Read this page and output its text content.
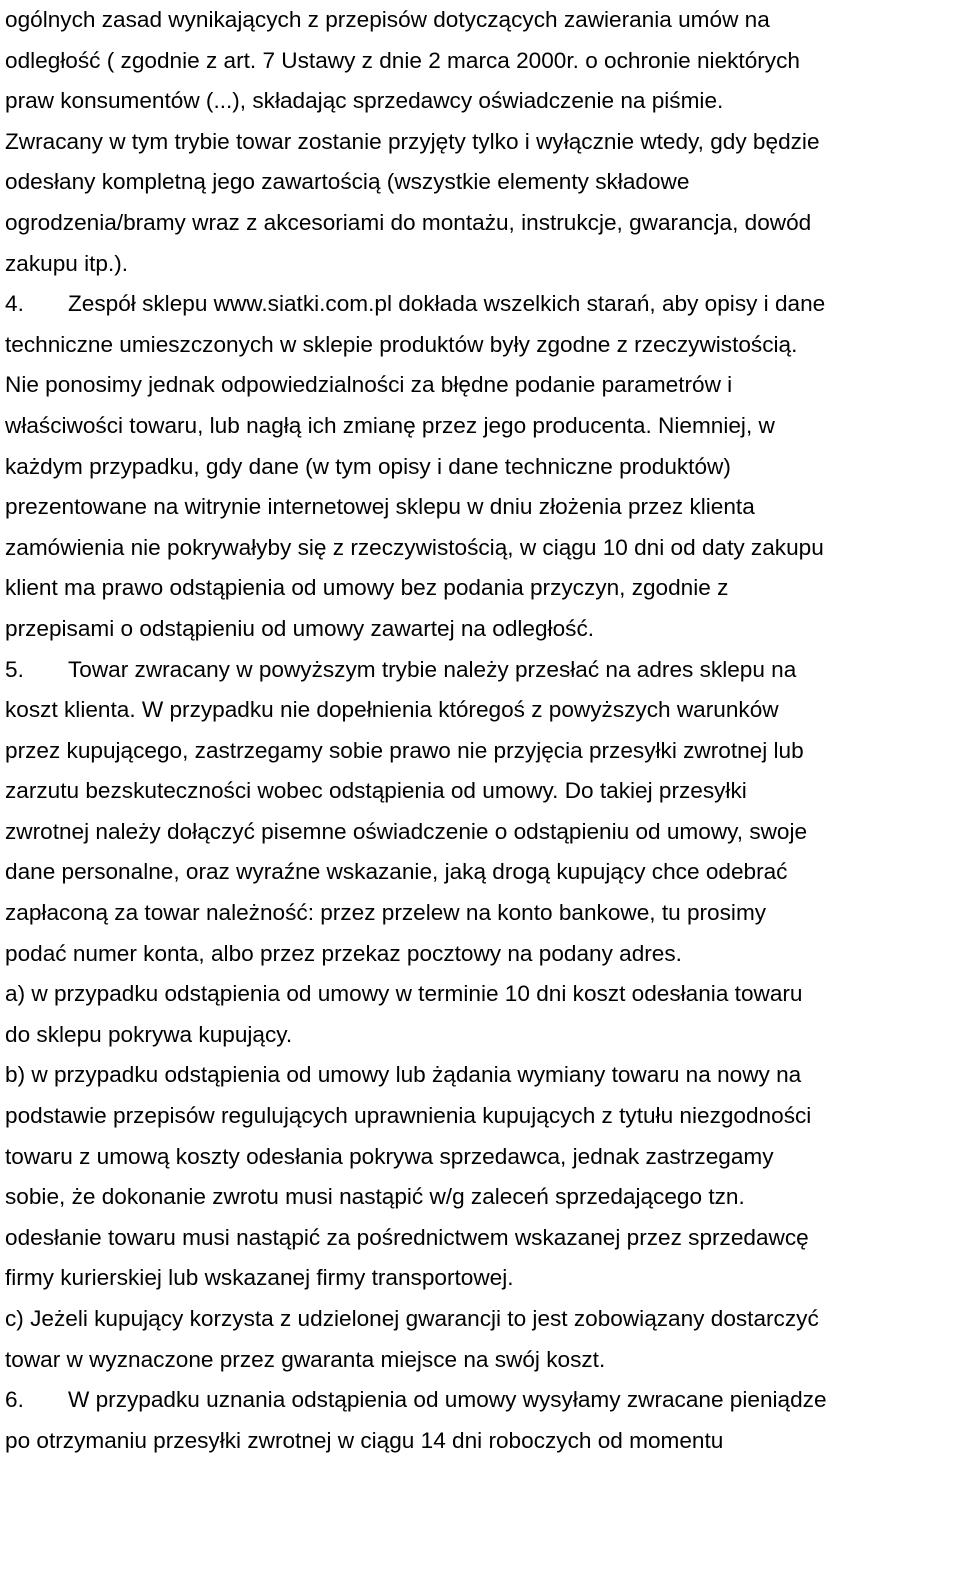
ogólnych zasad wynikających z przepisów dotyczących zawierania umów na
odległość ( zgodnie z art. 7 Ustawy z dnie 2 marca 2000r. o ochronie niektórych
praw konsumentów (...), składając sprzedawcy oświadczenie na piśmie.
Zwracany w tym trybie towar zostanie przyjęty tylko i wyłącznie wtedy, gdy będzie
odesłany kompletną jego zawartością (wszystkie elementy składowe
ogrodzenia/bramy wraz z akcesoriami do montażu, instrukcje, gwarancja, dowód
zakupu itp.).
4. Zespół sklepu www.siatki.com.pl dokłada wszelkich starań, aby opisy i dane
techniczne umieszczonych w sklepie produktów były zgodne z rzeczywistością.
Nie ponosimy jednak odpowiedzialności za błędne podanie parametrów i
właściwości towaru, lub nagłą ich zmianę przez jego producenta. Niemniej, w
każdym przypadku, gdy dane (w tym opisy i dane techniczne produktów)
prezentowane na witrynie internetowej sklepu w dniu złożenia przez klienta
zamówienia nie pokrywałyby się z rzeczywistością, w ciągu 10 dni od daty zakupu
klient ma prawo odstąpienia od umowy bez podania przyczyn, zgodnie z
przepisami o odstąpieniu od umowy zawartej na odległość.
5. Towar zwracany w powyższym trybie należy przesłać na adres sklepu na
koszt klienta. W przypadku nie dopełnienia któregoś z powyższych warunków
przez kupującego, zastrzegamy sobie prawo nie przyjęcia przesyłki zwrotnej lub
zarzutu bezskuteczności wobec odstąpienia od umowy. Do takiej przesyłki
zwrotnej należy dołączyć pisemne oświadczenie o odstąpieniu od umowy, swoje
dane personalne, oraz wyraźne wskazanie, jaką drogą kupujący chce odebrać
zapłaconą za towar należność: przez przelew na konto bankowe, tu prosimy
podać numer konta, albo przez przekaz pocztowy na podany adres.
a) w przypadku odstąpienia od umowy w terminie 10 dni koszt odesłania towaru
do sklepu pokrywa kupujący.
b) w przypadku odstąpienia od umowy lub żądania wymiany towaru na nowy na
podstawie przepisów regulujących uprawnienia kupujących z tytułu niezgodności
towaru z umową koszty odesłania pokrywa sprzedawca, jednak zastrzegamy
sobie, że dokonanie zwrotu musi nastąpić w/g zaleceń sprzedającego tzn.
odesłanie towaru musi nastąpić za pośrednictwem wskazanej przez sprzedawcę
firmy kurierskiej lub wskazanej firmy transportowej.
c) Jeżeli kupujący korzysta z udzielonej gwarancji to jest zobowiązany dostarczyć
towar w wyznaczone przez gwaranta miejsce na swój koszt.
6. W przypadku uznania odstąpienia od umowy wysyłamy zwracane pieniądze
po otrzymaniu przesyłki zwrotnej w ciągu 14 dni roboczych od momentu
